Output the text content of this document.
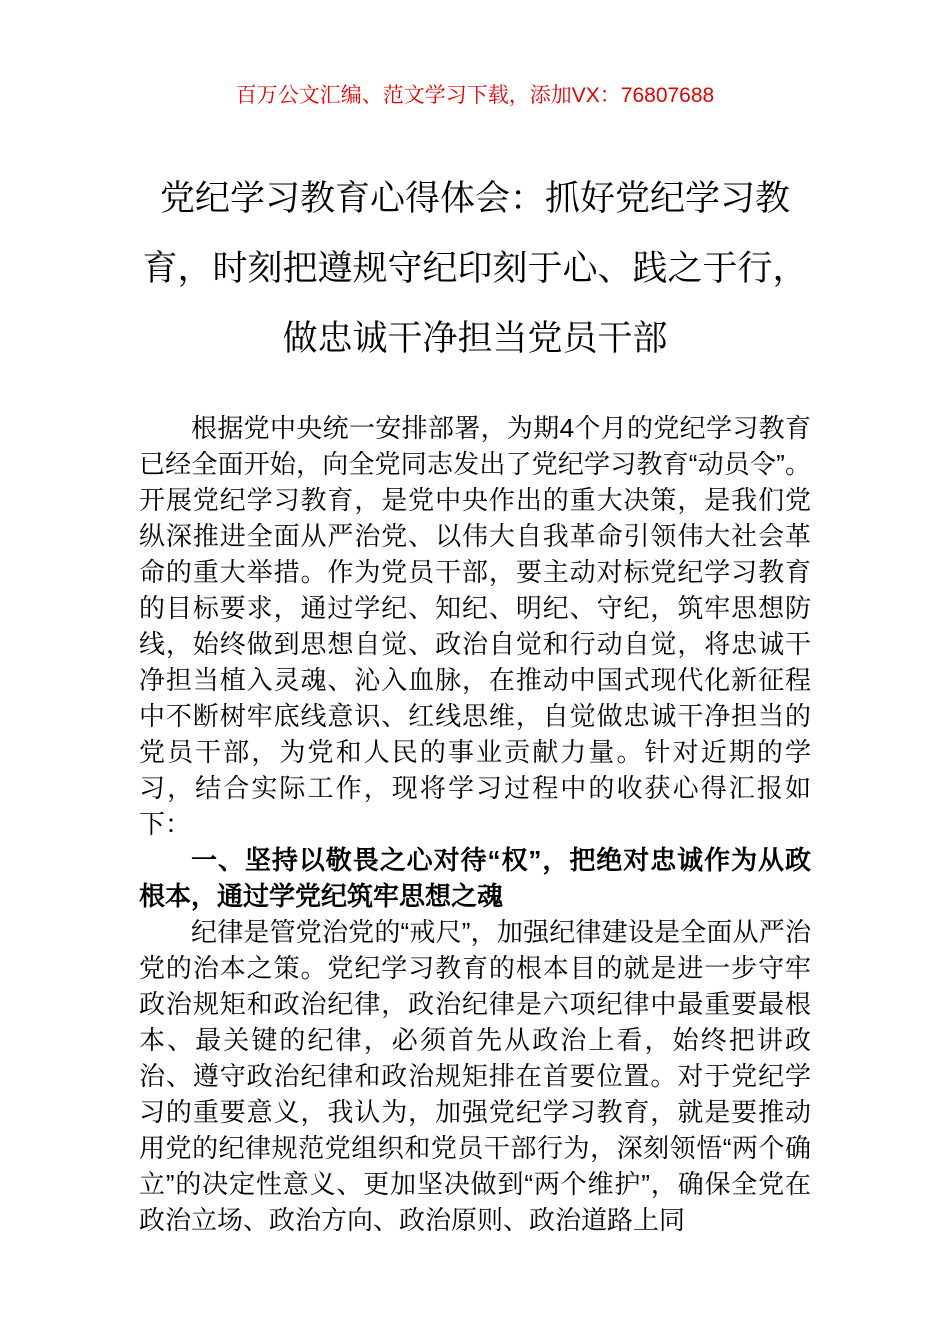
百万公文汇编、范文学习下载，添加VX：76807688
党纪学习教育心得体会：抓好党纪学习教育，时刻把遵规守纪印刻于心、践之于行，做忠诚干净担当党员干部

根据党中央统一安排部署，为期4个月的党纪学习教育已经全面开始，向全党同志发出了党纪学习教育“动员令”。开展党纪学习教育，是党中央作出的重大决策，是我们党纵深推进全面从严治党、以伟大自我革命引领伟大社会革命的重大举措。作为党员干部，要主动对标党纪学习教育的目标要求，通过学纪、知纪、明纪、守纪，筑牢思想防线，始终做到思想自觉、政治自觉和行动自觉，将忠诚干净担当植入灵魂、沁入血脉，在推动中国式现代化新征程中不断树牢底线意识、红线思维，自觉做忠诚干净担当的党员干部，为党和人民的事业贡献力量。针对近期的学习，结合实际工作，现将学习过程中的收获心得汇报如下：

一、坚持以敬畏之心对待“权”，把绝对忠诚作为从政根本，通过学党纪筑牢思想之魂

纪律是管党治党的“戒尺”，加强纪律建设是全面从严治党的治本之策。党纪学习教育的根本目的就是进一步守牢政治规矩和政治纪律，政治纪律是六项纪律中最重要最根本、最关键的纪律，必须首先从政治上看，始终把讲政治、遵守政治纪律和政治规矩排在首要位置。对于党纪学习的重要意义，我认为，加强党纪学习教育，就是要推动用党的纪律规范党组织和党员干部行为，深刻领悟“两个确立”的决定性意义、更加坚决做到“两个维护”，确保全党在政治立场、政治方向、政治原则、政治道路上同
